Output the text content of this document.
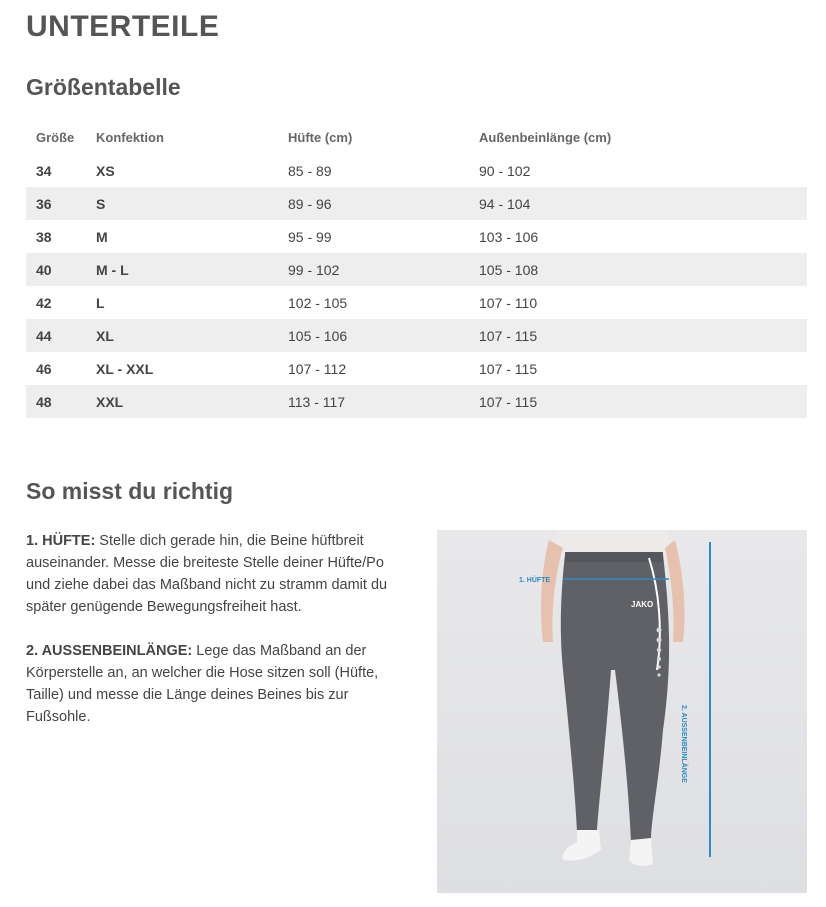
UNTERTEILE
Größentabelle
Größe	Konfektion	Hüfte (cm)	Außenbeinlänge (cm)
34	XS	85 - 89	90 - 102
36	S	89 - 96	94 - 104
38	M	95 - 99	103 - 106
40	M - L	99 - 102	105 - 108
42	L	102 - 105	107 - 110
44	XL	105 - 106	107 - 115
46	XL - XXL	107 - 112	107 - 115
48	XXL	113 - 117	107 - 115
So misst du richtig

1. HÜFTE: Stelle dich gerade hin, die Beine hüftbreit auseinander. Messe die breiteste Stelle deiner Hüfte/Po und ziehe dabei das Maßband nicht zu stramm damit du später genügende Bewegungsfreiheit hast.

2. AUSSENBEINLÄNGE: Lege das Maßband an der Körperstelle an, an welcher die Hose sitzen soll (Hüfte, Taille) und messe die Länge deines Beines bis zur Fußsohle.

1. HÜFTE
2. AUSSENBEINLÄNGE
JAKO
